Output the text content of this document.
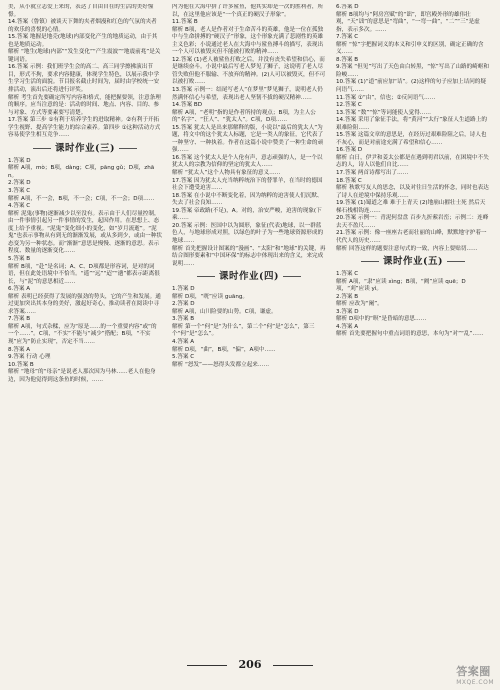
美，从小就立志爱上来的，表达了自由自在的生活的美好憧憬。
14.答案（鲁镇）被谈天下舞的夹者烟漫和红色的气氛的夹者的欢乐的喜悦的心情。
15.答案 地握是地壳(地球)内部变化产生的地质运动，由于其也是地质运动。
解析 “地生(地球)内部”“发生变化”“产生震波”“地震前兆”是关键词语。
16.答案 示例：我们班学生会的高二、高三同学擦拂演出节目，形式不拘，要求内容健康，体现学生特色，以展示我中学生学习生活的面貌。节目报名截止时间为，届时由学校统一安排活动，演出后还将进行评奖。
解析 考生首先要确定所写内容和格式，能把握要领，注意条理的顺序。应当注意的是：活动的时间、地点、内容、目的、参与对象、方式等要素要写清楚。
17.答案 第三步 ①有利于培养学生的进取精神。②有利于开拓学生视野、提高学生能力的综合素养。第四步 ①这种活动方式容易使学生相互竞争……
课时作业(三)
1.答案 D
解析 A项，mò；B项，dàng；C项，pāng gǔ；D项，zhān。
2.答案 D
3.答案 C
解析 A项，不一会，B项，不一会；C项，不一会；D项……
4.答案 C
解析 泥鬼(事物)逐渐减少以至没有。表示由于人们尽量控制，由一件事情引起另一件事情的发生，起因作用。在思想上、态度上给予重视。“泥鬼”变化细小的变化，如“岁月流逝”。“泥鬼”也表示事物从有到无的渐渐发展，或从多到少，或由一种状态变为另一种状态。而“渐渐”意思是慢慢、逐渐的意思。表示程度、数量的逐渐变化……
5.答案 B
解析 B项，“赴”是名词；A、C、D项都是形容词，是对的词语，但在此处语境中不恰当。“遥”“远”“迢”“邈”都表示距离很长，与“泥”的意思相近……
6.答案 A
解析 表明已经获得了发展的强劲的势头，它的产生和发展。通过更加突出其本身的美好，激起好奇心，推动读者在阅读中寻求答案……
7.答案 B
解析 A项，句式杂糅，应为“原是……的一个重要内容”或“的一个……”。C项，“不实”不能与“减少”搭配；B项，“不实现”应为“防止实现”，否定不当……
8.答案 A
9.答案 行动 心理
10.答案 B
解析 “地母”的“母亲”是说老人那次因为马林……老人在他身边，因为他觉得到这条鱼的时候，……
内为他在大海中拼了许多鲨鱼，他其实却是一次的胜利者，所以，在这里他应该是“一个真正的硬汉子形象”。
11.答案 B
解析 B项，老人是作者对于生命苦斗的英雄，他是一位在孤独中与生命拼搏的“硬汉子”形象，这个形象充满了悲剧性的英雄主义色彩；小说通过老人在大海中与鲨鱼搏斗的描写，表现出一个人可以被毁灭但不能被打败的精神……
12.答案 (1)老人被鲨鱼打败之后，并没有丧失希望和信心，而是继续奋斗。小说中最后写老人梦见了狮子，这说明了老人尽管失败但他不服输、不放弃的精神。(2)人可以被毁灭，但不可以被打败……
13.答案 示例一：结尾写老人“在梦里”梦见狮子，说明老人仍然满怀信心与希望，表现出老人坚韧不拔的硬汉精神……
14.答案 BD
解析 A项，“老明”指的是作者所持的观点；B项，为主人公的“名字”、“狂人”、“犹太人”。C项，D项……
15.答案 犹太人是出来那解释的版，小说以“最后的犹太人”为题，将文中的这个犹太人标题，它是一类人的象征，它代表了一种坚守、一种执着。作者在这篇小说中赞美了一种生命的顽强……
16.答案 这个犹太人是个人伦有声，意志顽强的人，是一个以犹太人的宗教为信仰的坚定的犹太人……
解析 “犹太人”这个人物具有象征的意义……
17.答案 因为犹太人充当纳粹统治下的替罪羊，在当时的德国社会下遭受迫害……
18.答案 在小说中不断变化着，因为纳粹的迫害使人们沉默、失去了社会良知……
19.答案 帝政路(不足)，A。对的，治安严峻，迫害的现象(下乘……
20.答案 示例：医国中以为圆形，象征(代表)地球，以一群蓝色人，与地球形成对照，以绿色的叶子为一些地球资源形成的地球……
解析 首先把握设计图案的“漫画”、“太阳”和“地球”的关键，再结合图形要素和“中国环保”的标志中体现出来的含义，来完成说明……
课时作业(四)
1.答案 D
解析 D项，“咣”应读 guāng。
2.答案 D
解析 A项，山川险要的山势。C项，谦虚。
3.答案 B
解析 第一个“何”是“为什么”，第二个“何”是“怎么”，第三个“何”是“怎么”。
4.答案 A
解析 D项，“曲”，B项，“偏”，A项中……
5.答案 C
解析 “怒发”——怒得头发都立起来……
6.答案 D
解析 B项均与“阿房宫赋”的“诎”，即宫殿外形的雄伟壮观，“天“诎”的意思是“弯曲”，“一弯一曲”，“二”“三”是虚指，表示多次。……
7.答案 C
解析 “惊”字把握词义的本义和引申义的区别，确定正确的含义……
8.答案 B
9.答案 “但见”写出了天色由白转黑，“惊”写出了山路的崎岖和险峻……
10.答案 (1)“道”前应加“诘”。(2)这样的句子应加上诘问的疑问语气……
11.答案 ①“由”，信也；②反问语气……
12.答案 C
13.答案 “数”“惊”等词能使人觉得……
14.答案 采用了象征手法，将“黄河”“太行”象征人生道路上的艰难险阻……
15.答案 这篇文章的意思是，在经历过艰难险阻之后，诗人也不灰心，而是对前途充满了希望和信心……
16.答案 D
解析 白日，伊尹和姜太公都是在遇到明君以前，在困境中不失志的人，诗人以他们自比……
17.答案 两首诗都写出了……
18.答案 C
解析 秋歌写友人的思念，以及对往日生活的怀念，同时也表达了诗人在逆境中保持乐观……
19.答案 (1)蜀道之难 难于上青天 (2)地崩山摧壮士死 然后天梯石栈相钩连……
20.答案 示例一：青泥何盘盘 百步九折萦岩峦；示例二：连峰去天不盈尺……
21.答案 示例：像一座座古老而壮丽的山峰，默默地守护着一代代人的历史……
解析 回答这样的题要注意句式的一致，内容上要贴切……
课时作业(五)
1.答案 C
解析 A项，“隶”应读 xìng；B项，“阙”应读 quē；D项，“刈”应读 yì。
2.答案 B
解析 应改为“阑”。
3.答案 D
解析 D项中的“暝”是昏暗的意思……
4.答案 A
解析 首先要把握句中重点词语的意思，本句为“对”“乱”……
206
答案圈
MXQE.COM
